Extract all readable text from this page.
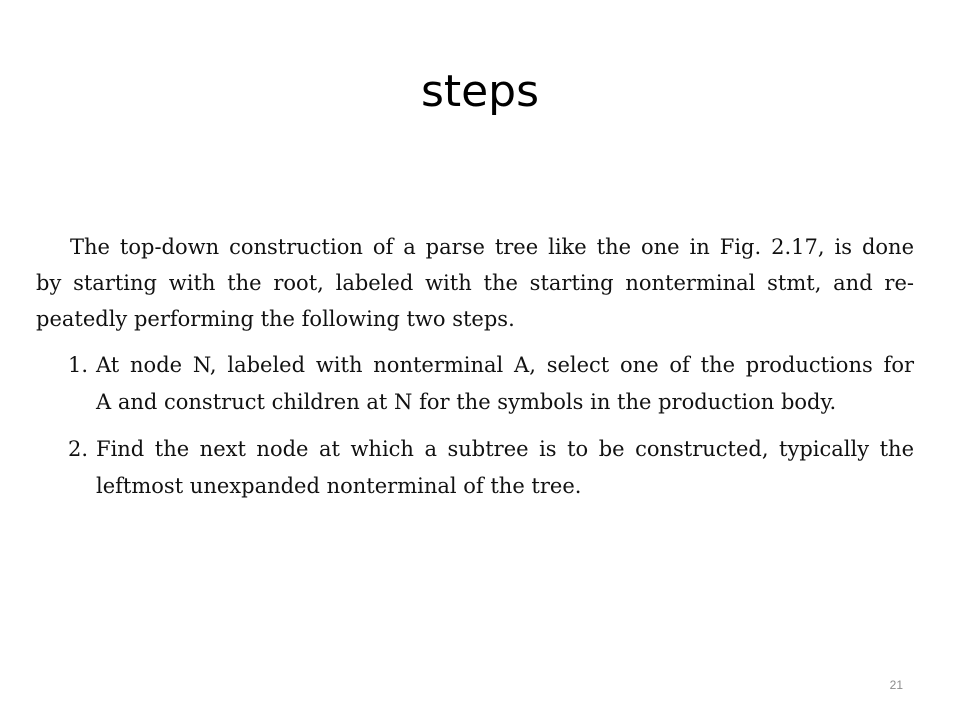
steps

The top-down construction of a parse tree like the one in Fig. 2.17, is done
by starting with the root, labeled with the starting nonterminal stmt, and re-
peatedly performing the following two steps.

1. At node N, labeled with nonterminal A, select one of the productions for
A and construct children at N for the symbols in the production body.
2. Find the next node at which a subtree is to be constructed, typically the
leftmost unexpanded nonterminal of the tree.
21
